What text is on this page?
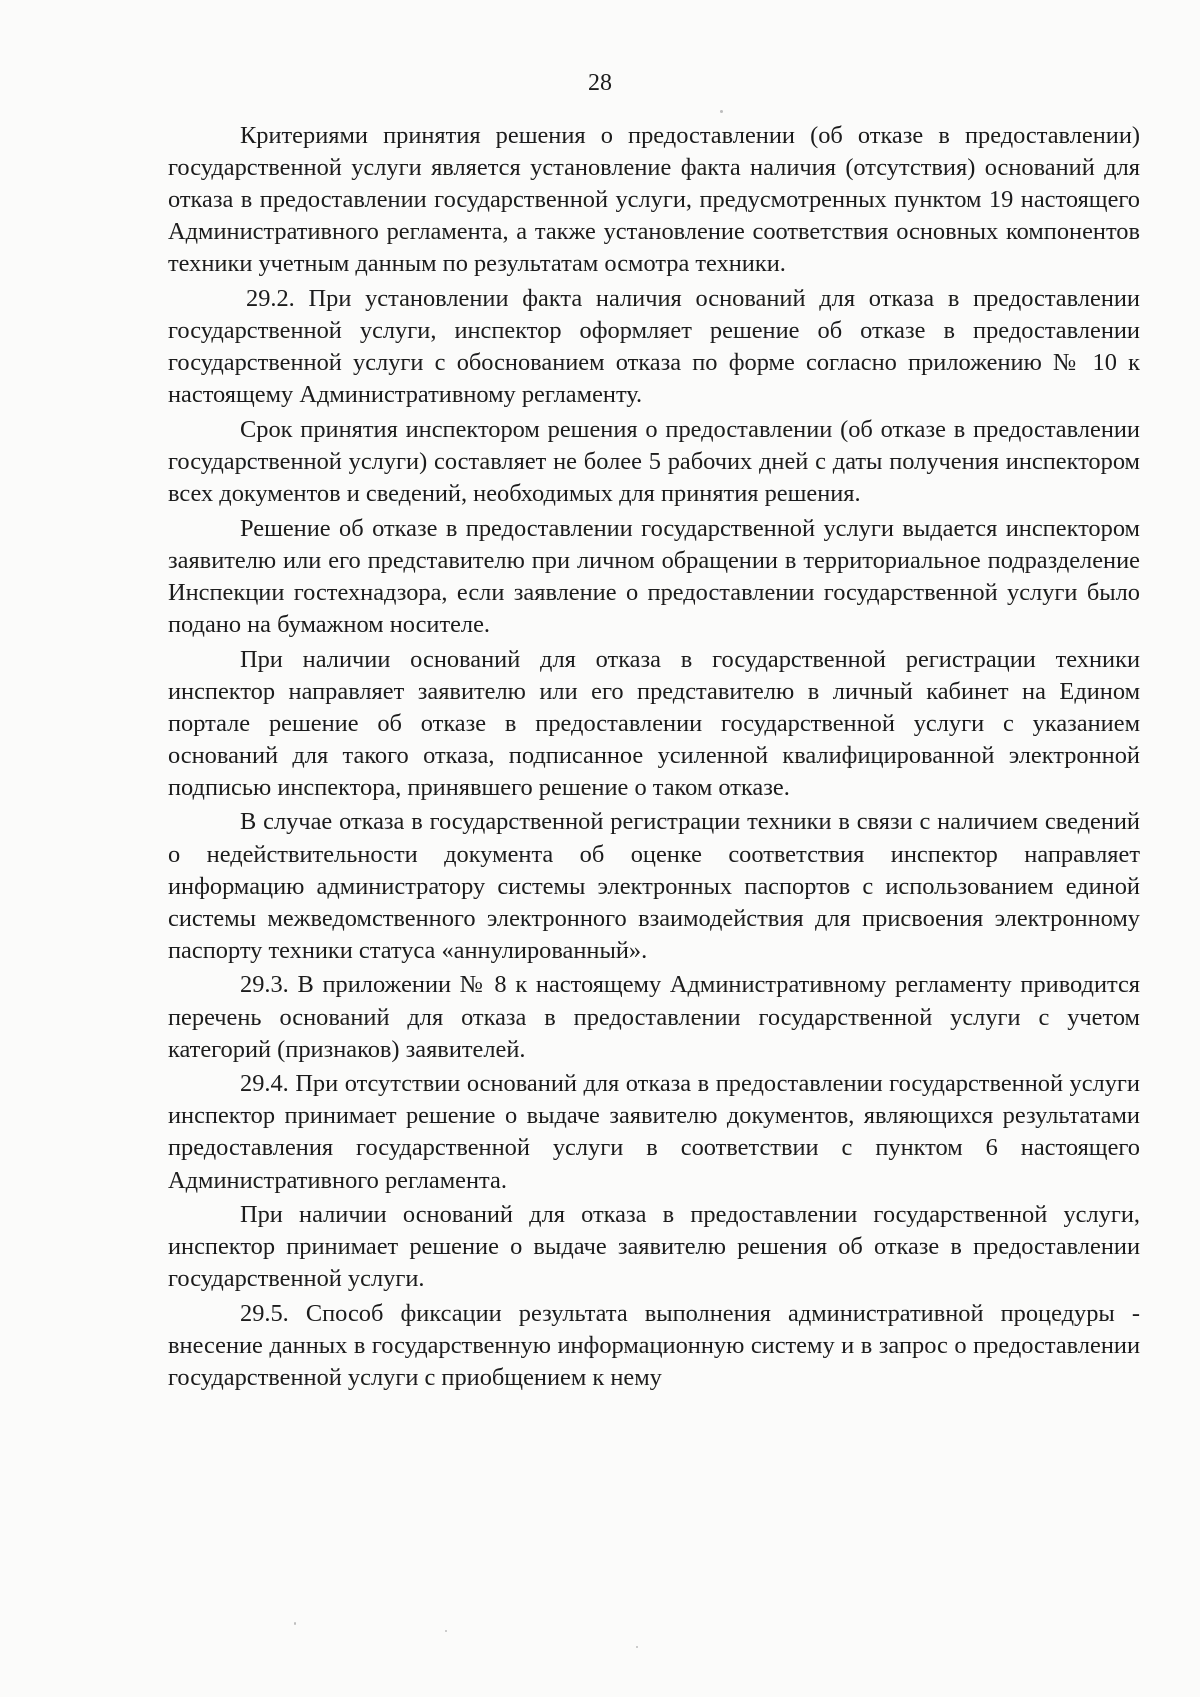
28

Критериями принятия решения о предоставлении (об отказе в предоставлении) государственной услуги является установление факта наличия (отсутствия) оснований для отказа в предоставлении государственной услуги, предусмотренных пунктом 19 настоящего Административного регламента, а также установление соответствия основных компонентов техники учетным данным по результатам осмотра техники.

29.2. При установлении факта наличия оснований для отказа в предоставлении государственной услуги, инспектор оформляет решение об отказе в предоставлении государственной услуги с обоснованием отказа по форме согласно приложению № 10 к настоящему Административному регламенту.

Срок принятия инспектором решения о предоставлении (об отказе в предоставлении государственной услуги) составляет не более 5 рабочих дней с даты получения инспектором всех документов и сведений, необходимых для принятия решения.

Решение об отказе в предоставлении государственной услуги выдается инспектором заявителю или его представителю при личном обращении в территориальное подразделение Инспекции гостехнадзора, если заявление о предоставлении государственной услуги было подано на бумажном носителе.

При наличии оснований для отказа в государственной регистрации техники инспектор направляет заявителю или его представителю в личный кабинет на Едином портале решение об отказе в предоставлении государственной услуги с указанием оснований для такого отказа, подписанное усиленной квалифицированной электронной подписью инспектора, принявшего решение о таком отказе.

В случае отказа в государственной регистрации техники в связи с наличием сведений о недействительности документа об оценке соответствия инспектор направляет информацию администратору системы электронных паспортов с использованием единой системы межведомственного электронного взаимодействия для присвоения электронному паспорту техники статуса «аннулированный».

29.3. В приложении № 8 к настоящему Административному регламенту приводится перечень оснований для отказа в предоставлении государственной услуги с учетом категорий (признаков) заявителей.

29.4. При отсутствии оснований для отказа в предоставлении государственной услуги инспектор принимает решение о выдаче заявителю документов, являющихся результатами предоставления государственной услуги в соответствии с пунктом 6 настоящего Административного регламента.

При наличии оснований для отказа в предоставлении государственной услуги, инспектор принимает решение о выдаче заявителю решения об отказе в предоставлении государственной услуги.

29.5. Способ фиксации результата выполнения административной процедуры - внесение данных в государственную информационную систему и в запрос о предоставлении государственной услуги с приобщением к нему
